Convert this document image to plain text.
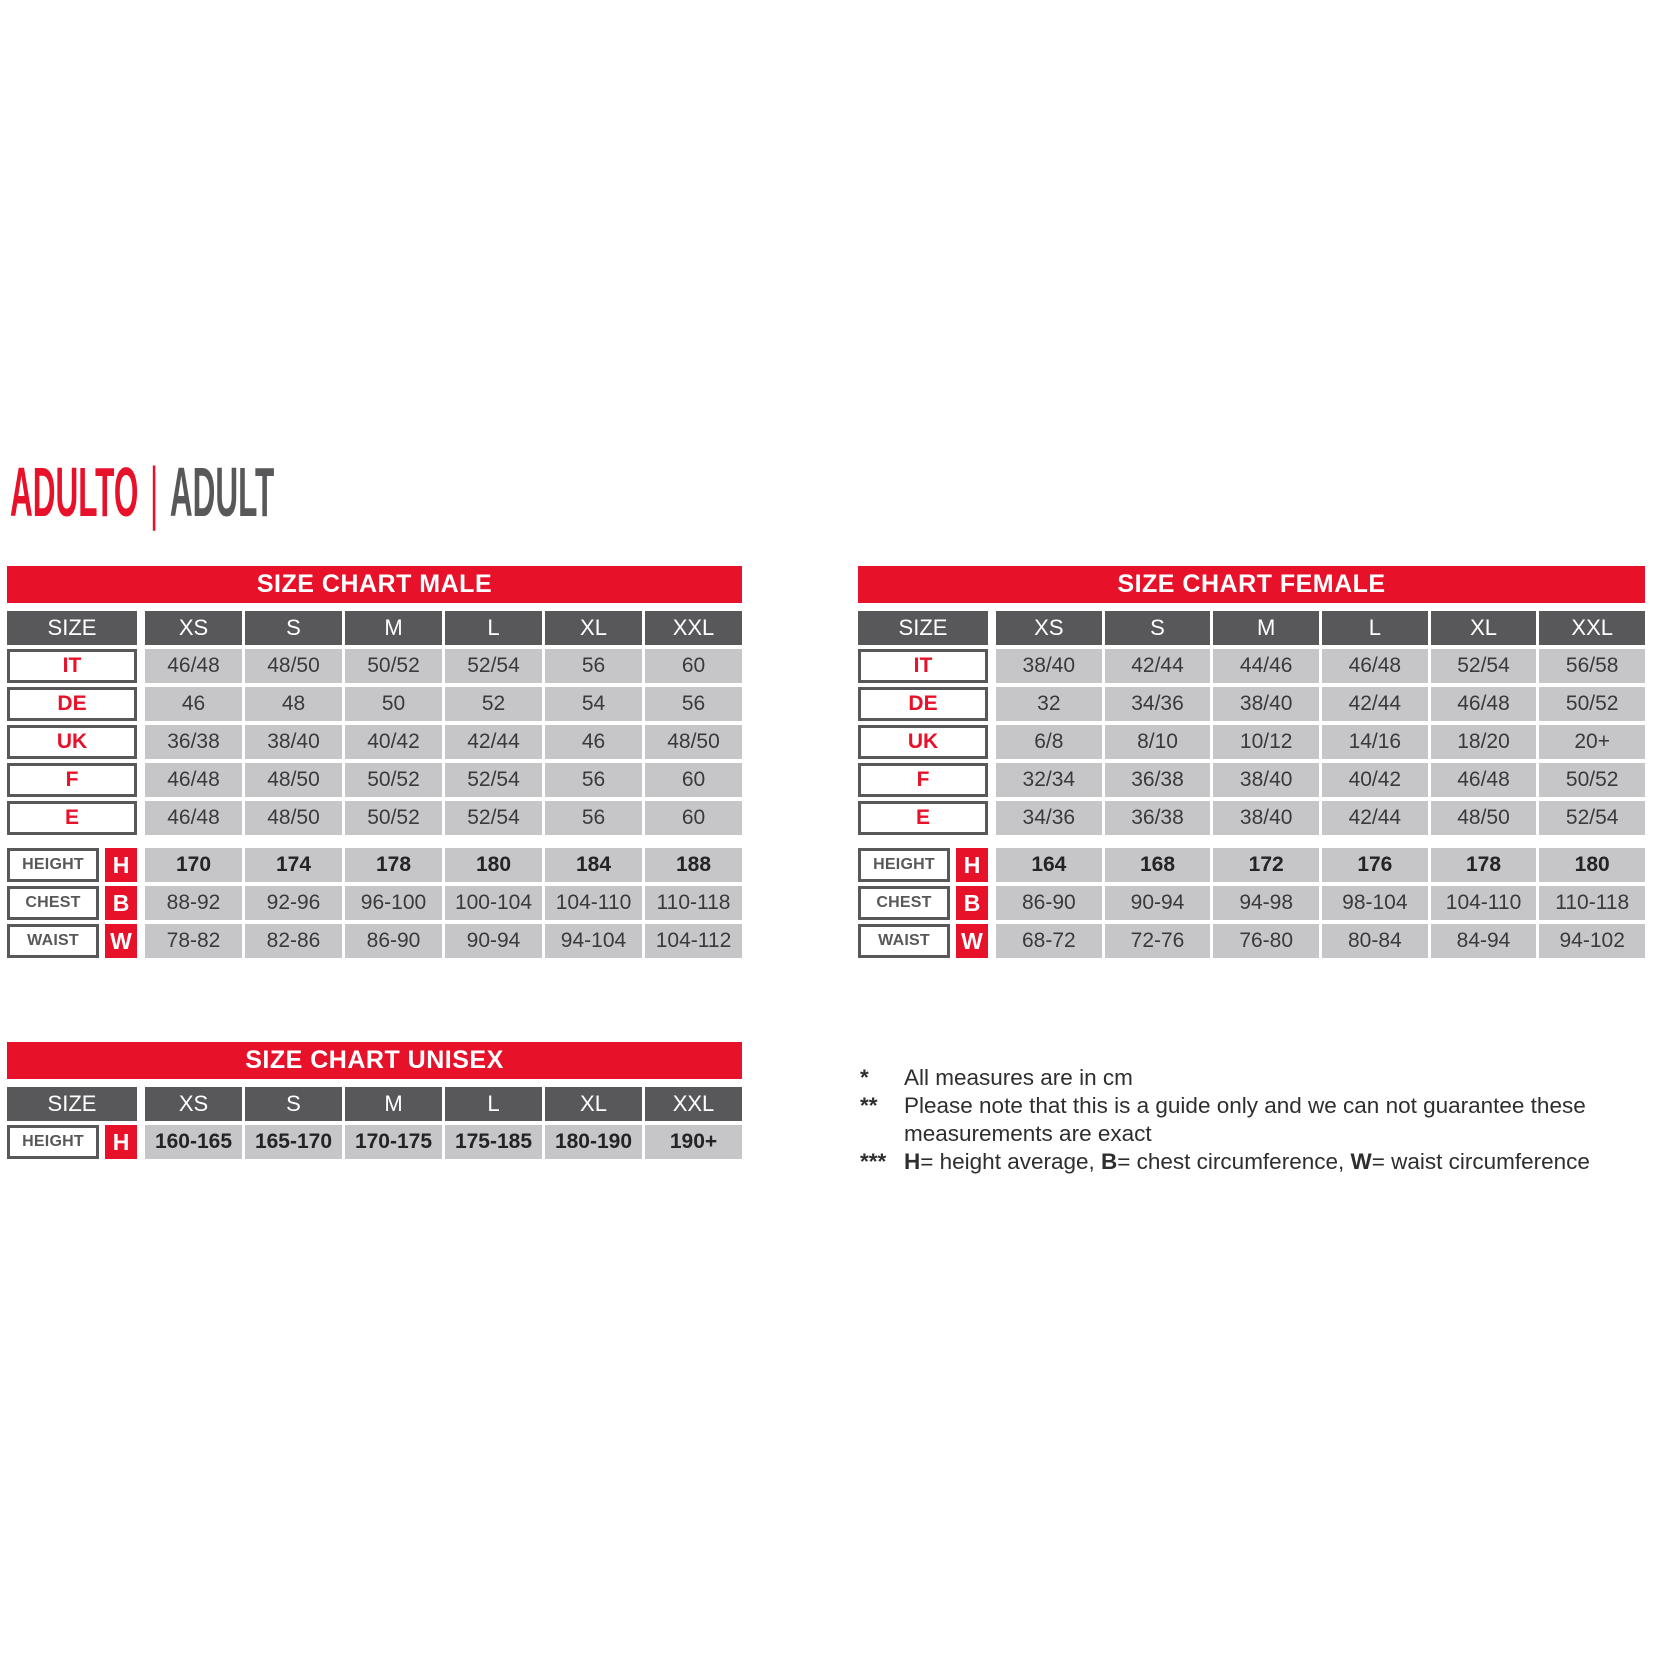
ADULTO | ADULT
SIZE CHART MALE
SIZE	XS	S	M	L	XL	XXL
IT	46/48	48/50	50/52	52/54	56	60
DE	46	48	50	52	54	56
UK	36/38	38/40	40/42	42/44	46	48/50
F	46/48	48/50	50/52	52/54	56	60
E	46/48	48/50	50/52	52/54	56	60
HEIGHT	H	170	174	178	180	184	188
CHEST	B	88-92	92-96	96-100	100-104	104-110	110-118
WAIST	W	78-82	82-86	86-90	90-94	94-104	104-112
SIZE CHART FEMALE
SIZE	XS	S	M	L	XL	XXL
IT	38/40	42/44	44/46	46/48	52/54	56/58
DE	32	34/36	38/40	42/44	46/48	50/52
UK	6/8	8/10	10/12	14/16	18/20	20+
F	32/34	36/38	38/40	40/42	46/48	50/52
E	34/36	36/38	38/40	42/44	48/50	52/54
HEIGHT	H	164	168	172	176	178	180
CHEST	B	86-90	90-94	94-98	98-104	104-110	110-118
WAIST	W	68-72	72-76	76-80	80-84	84-94	94-102
SIZE CHART UNISEX
SIZE	XS	S	M	L	XL	XXL
HEIGHT	H	160-165	165-170	170-175	175-185	180-190	190+
*	All measures are in cm
**	Please note that this is a guide only and we can not guarantee these measurements are exact
*** H= height average, B= chest circumference, W= waist circumference
